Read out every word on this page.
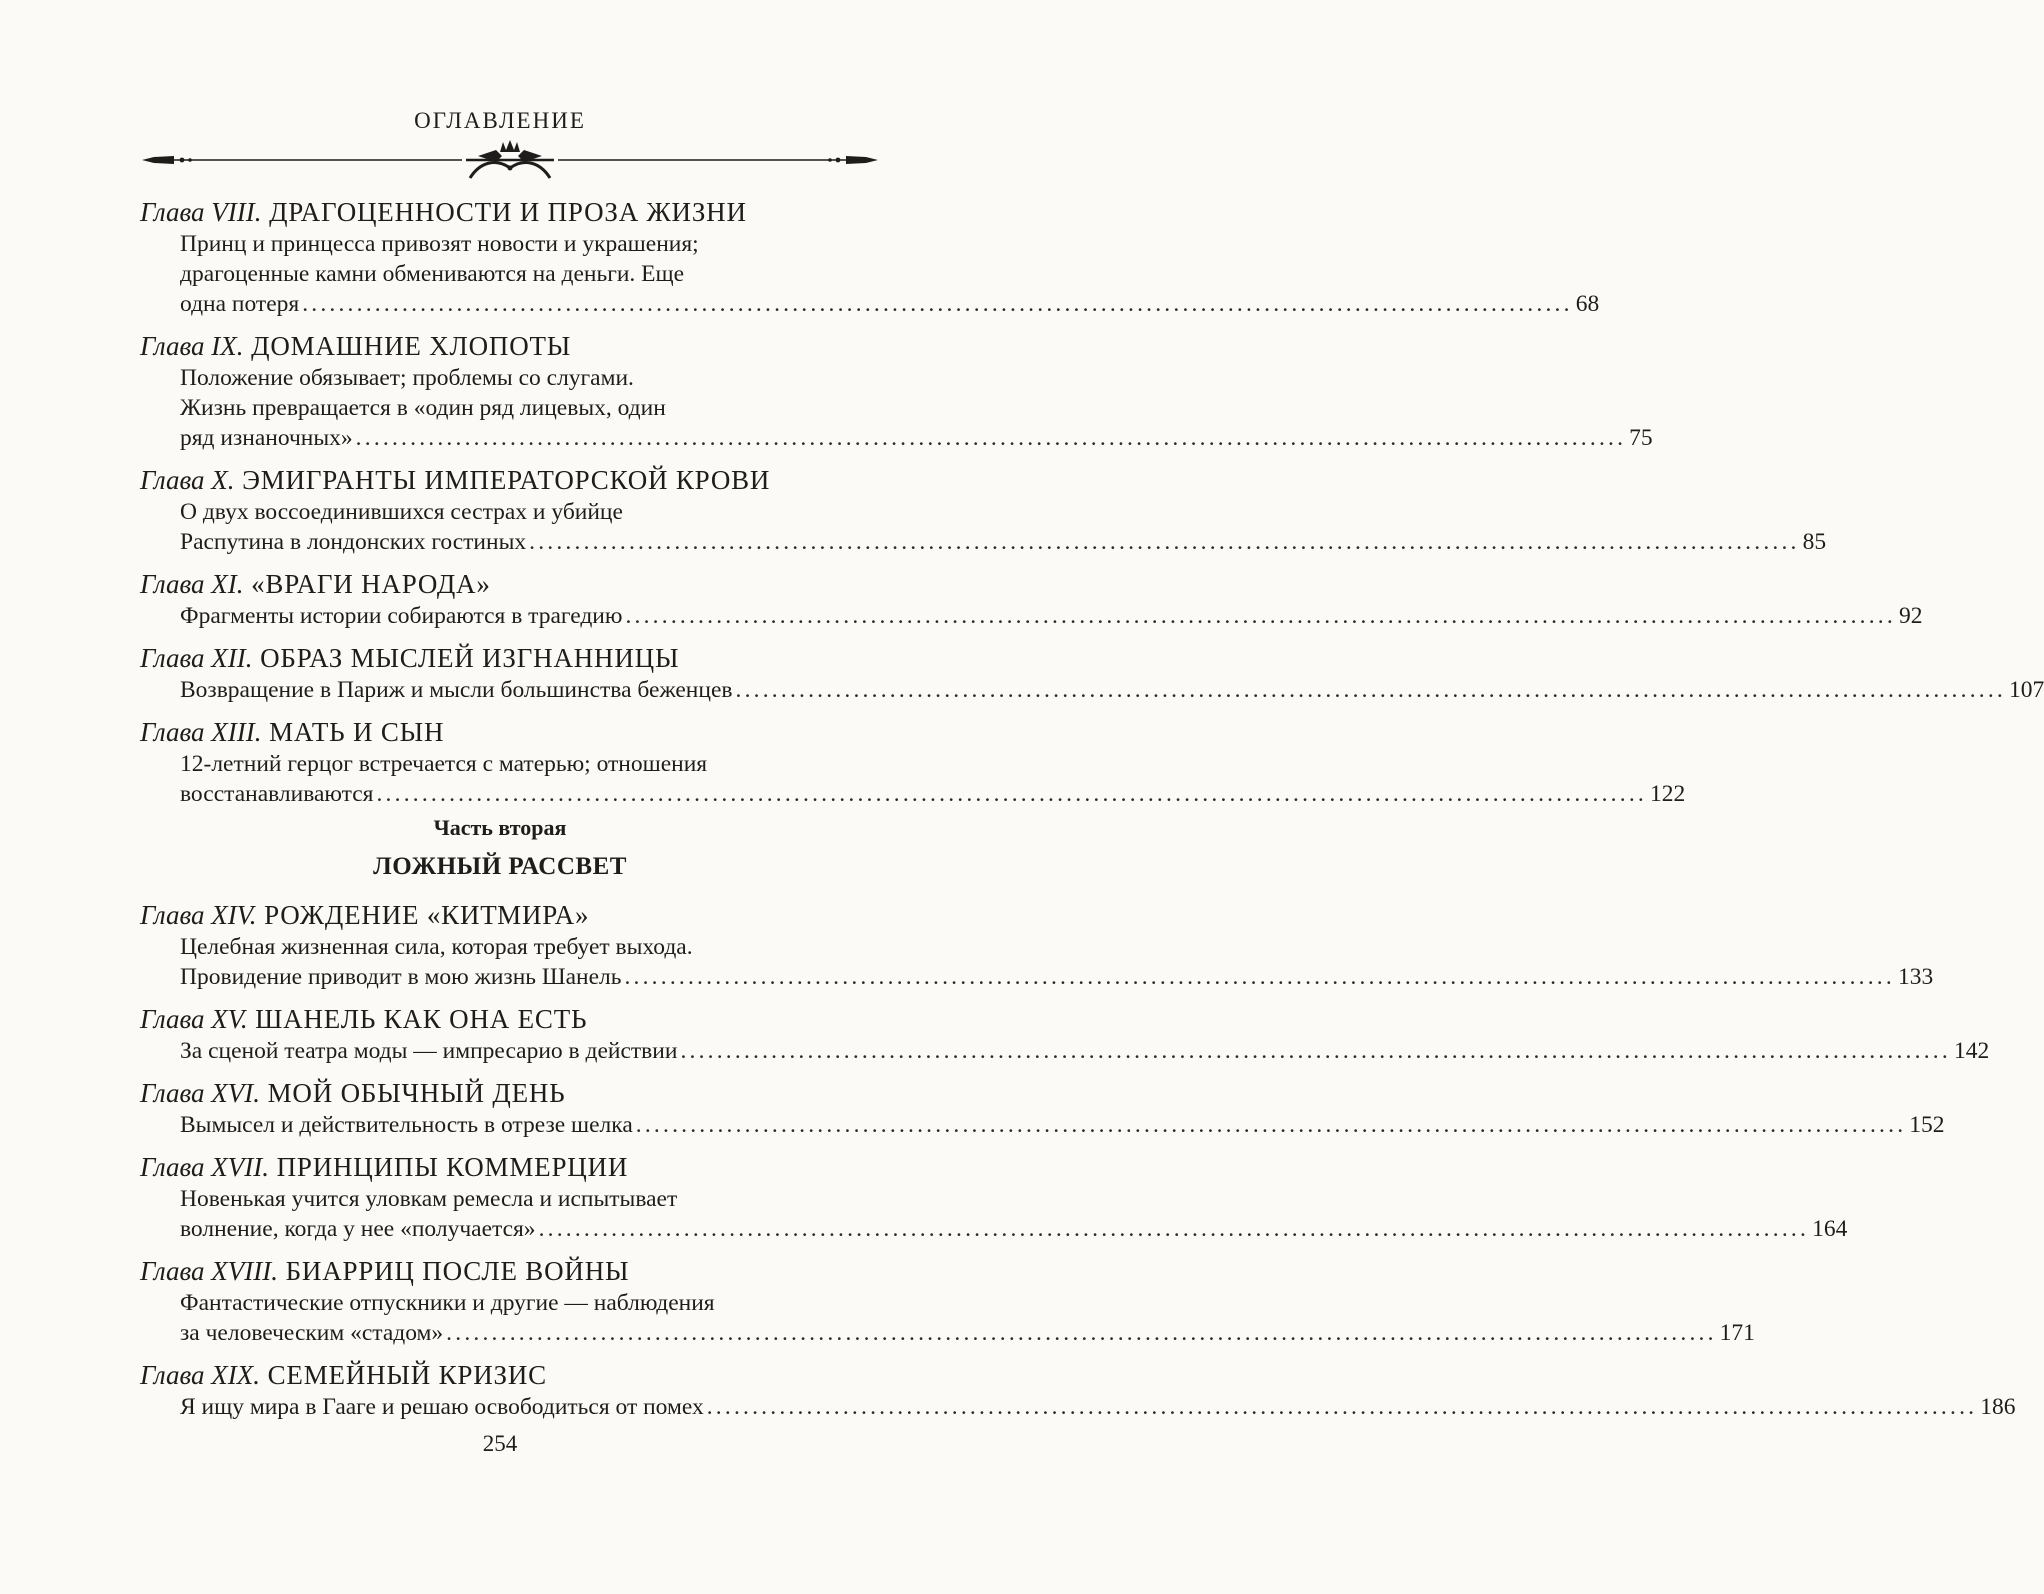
ОГЛАВЛЕНИЕ
Глава VIII. ДРАГОЦЕННОСТИ И ПРОЗА ЖИЗНИ
Принц и принцесса привозят новости и украшения;
драгоценные камни обмениваются на деньги. Еще
одна потеря ............................................................................................................................................ 68
Глава IX. ДОМАШНИЕ ХЛОПОТЫ
Положение обязывает; проблемы со слугами.
Жизнь превращается в «один ряд лицевых, один
ряд изнаночных» ............................................................................................................................................ 75
Глава X. ЭМИГРАНТЫ ИМПЕРАТОРСКОЙ КРОВИ
О двух воссоединившихся сестрах и убийце
Распутина в лондонских гостиных ............................................................................................................................................ 85
Глава XI. «ВРАГИ НАРОДА»
Фрагменты истории собираются в трагедию ............................................................................................................................................ 92
Глава XII. ОБРАЗ МЫСЛЕЙ ИЗГНАННИЦЫ
Возвращение в Париж и мысли большинства беженцев ............................................................................................................................................ 107
Глава XIII. МАТЬ И СЫН
12-летний герцог встречается с матерью; отношения
восстанавливаются ............................................................................................................................................ 122
Часть вторая
ЛОЖНЫЙ РАССВЕТ
Глава XIV. РОЖДЕНИЕ «КИТМИРА»
Целебная жизненная сила, которая требует выхода.
Провидение приводит в мою жизнь Шанель ............................................................................................................................................ 133
Глава XV. ШАНЕЛЬ КАК ОНА ЕСТЬ
За сценой театра моды — импресарио в действии ............................................................................................................................................ 142
Глава XVI. МОЙ ОБЫЧНЫЙ ДЕНЬ
Вымысел и действительность в отрезе шелка ............................................................................................................................................ 152
Глава XVII. ПРИНЦИПЫ КОММЕРЦИИ
Новенькая учится уловкам ремесла и испытывает
волнение, когда у нее «получается» ............................................................................................................................................ 164
Глава XVIII. БИАРРИЦ ПОСЛЕ ВОЙНЫ
Фантастические отпускники и другие — наблюдения
за человеческим «стадом» ............................................................................................................................................ 171
Глава XIX. СЕМЕЙНЫЙ КРИЗИС
Я ищу мира в Гааге и решаю освободиться от помех ............................................................................................................................................ 186
254
